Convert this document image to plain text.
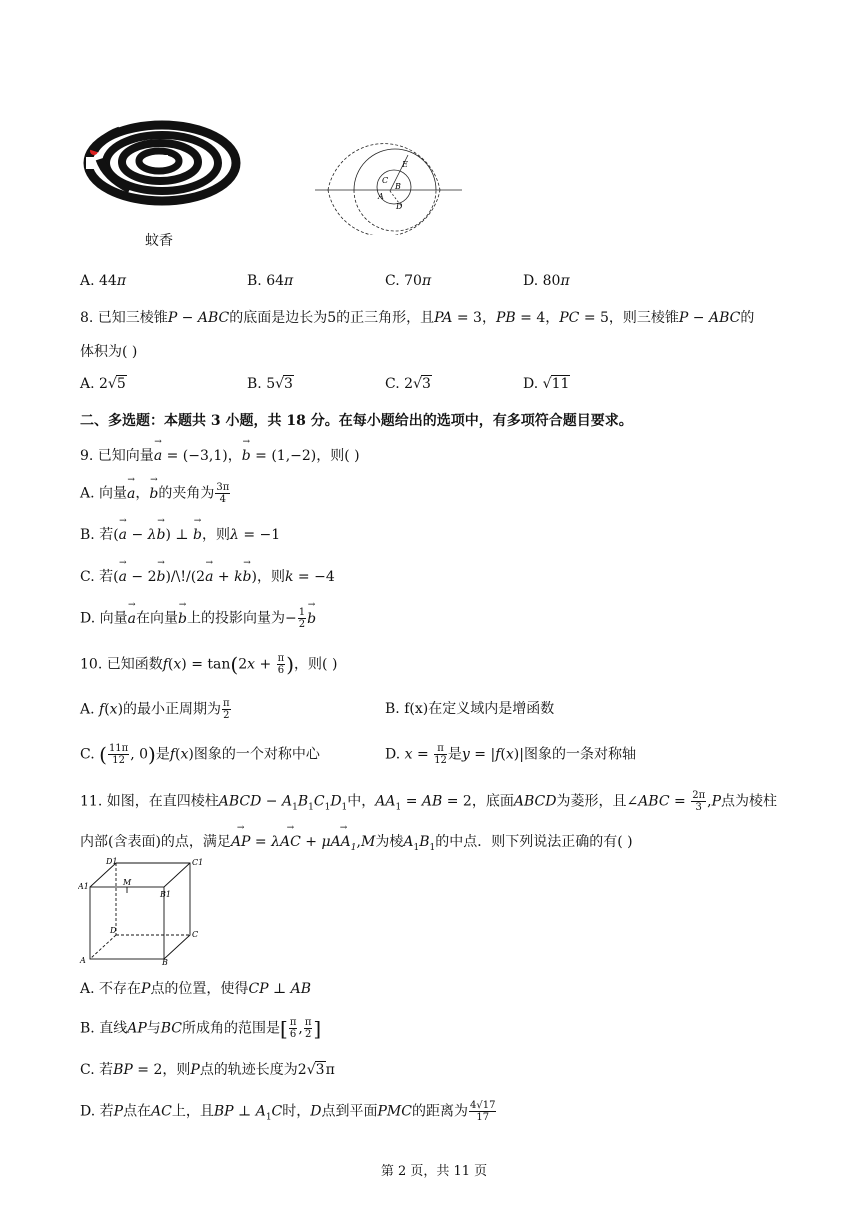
蚊香
E
C
B
A
D
A. 44π	B. 64π	C. 70π	D. 80π
8. 已知三棱锥P − ABC的底面是边长为5的正三角形，且PA = 3，PB = 4，PC = 5，则三棱锥P − ABC的
体积为( )
A. 2√5	B. 5√3	C. 2√3	D. √11
二、多选题：本题共 3 小题，共 18 分。在每小题给出的选项中，有多项符合题目要求。
9. 已知向量→ a = (−3,1)，→ b = (1,−2)，则( )
A. 向量→ a，→ b的夹角为 $\frac{3\pi}{4}$
B. 若(→ a − λ→ b) ⊥ → b，则λ = −1
C. 若(→ a − 2→ b)/\!/(2→ a + k→ b)，则k = −4
D. 向量→ a在向量→ b上的投影向量为− $\frac{1}{2}$
→ b
10. 已知函数$f(x) = \tan(2x + \frac{\pi}{6}$ )，则( )
A. f(x)的最小正周期为 $\frac{\pi}{2}$	B. f(x)在定义域内是增函数
C. ( $\frac{11\pi}{12}$ , 0)是f(x)图象的一个对称中心	D. $x = \frac{\pi}{12}$ 是y = |f(x)|图象的一条对称轴
11. 如图，在直四棱柱ABCD − $A_1B_1C_1D_1$中，$AA_1$ = AB = 2，底面ABCD为菱形，且∠ABC = $\frac{2\pi}{3} ,P$点为棱柱
内部(含表面)的点，满足→ AP = λ→ AC + $\mu\to AA_1,M$为棱$A_1B_1$的中点．则下列说法正确的有( )
D1	C1
A1	M
B1
D	C
A	B
A. 不存在P点的位置，使得CP ⊥ AB
B. 直线AP与BC所成角的范围是[ $\frac{\pi}{6}$ , $\frac{\pi}{2}$ ]
C. 若BP = 2，则P点的轨迹长度为2√3π
D. 若P点在AC上，且BP ⊥ $A_1C$时，D点到平面PMC的距离为 $\frac{4√17}{17}$
第 2 页，共 11 页
